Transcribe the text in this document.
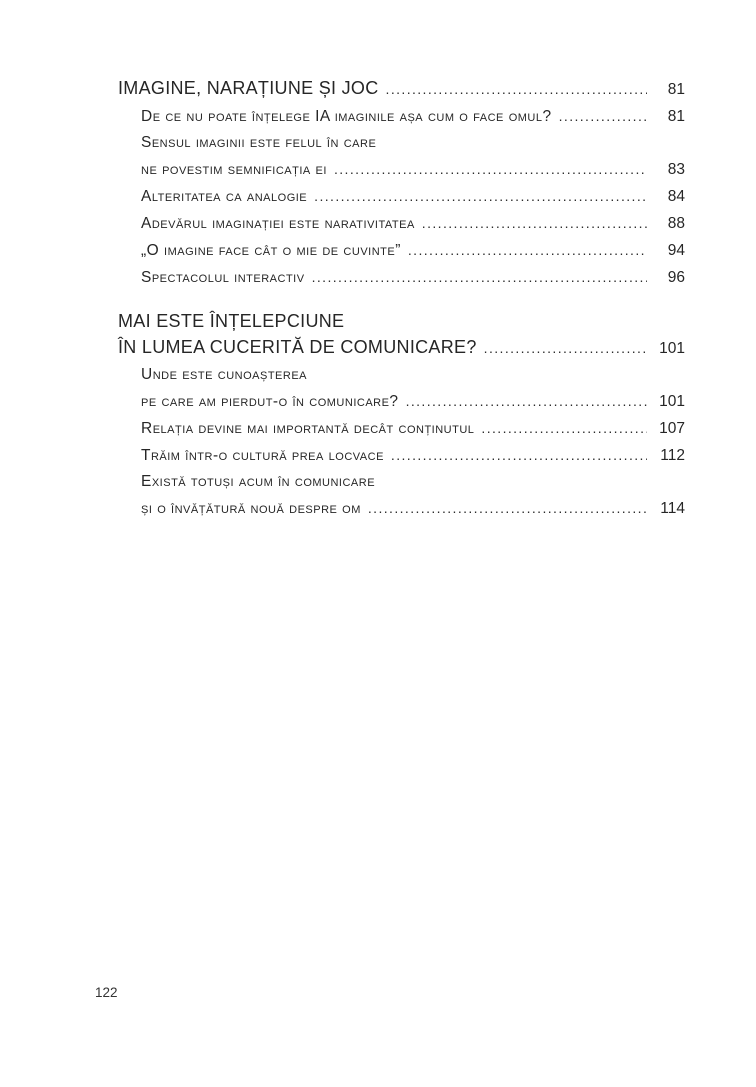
IMAGINE, NARAȚIUNE ȘI JOC .....	81
De ce nu poate înțelege IA imaginile așa cum o face omul? .....	81
Sensul imaginii este felul în care
ne povestim semnificația ei .....	83
Alteritatea ca analogie .....	84
Adevărul imaginației este narativitatea .....	88
„O imagine face cât o mie de cuvinte” .....	94
Spectacolul interactiv .....	96
MAI ESTE ÎNȚELEPCIUNE
ÎN LUMEA CUCERITĂ DE COMUNICARE? .....	101
Unde este cunoașterea
pe care am pierdut-o în comunicare? .....	101
Relația devine mai importantă decât conținutul .....	107
Trăim într-o cultură prea locvace .....	112
Există totuși acum în comunicare
și o învățătură nouă despre om .....	114
122
